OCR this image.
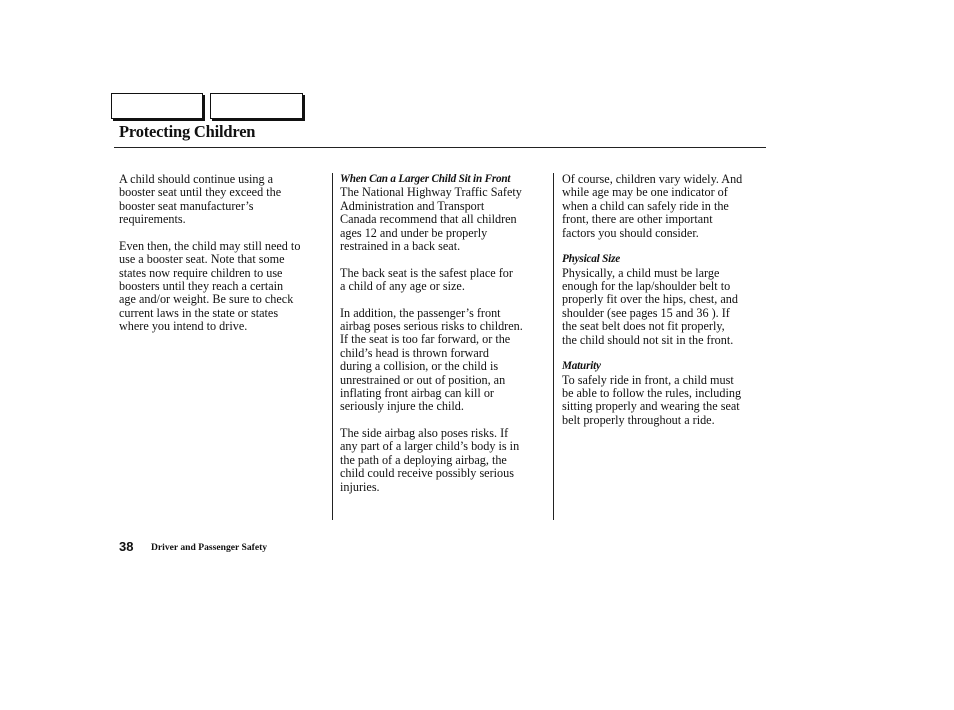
Protecting Children

A child should continue using a
booster seat until they exceed the
booster seat manufacturer’s
requirements.

Even then, the child may still need to
use a booster seat. Note that some
states now require children to use
boosters until they reach a certain
age and/or weight. Be sure to check
current laws in the state or states
where you intend to drive.

When Can a Larger Child Sit in Front

The National Highway Traffic Safety
Administration and Transport
Canada recommend that all children
ages 12 and under be properly
restrained in a back seat.

The back seat is the safest place for
a child of any age or size.

In addition, the passenger’s front
airbag poses serious risks to children.
If the seat is too far forward, or the
child’s head is thrown forward
during a collision, or the child is
unrestrained or out of position, an
inflating front airbag can kill or
seriously injure the child.

The side airbag also poses risks. If
any part of a larger child’s body is in
the path of a deploying airbag, the
child could receive possibly serious
injuries.

Of course, children vary widely. And
while age may be one indicator of
when a child can safely ride in the
front, there are other important
factors you should consider.

Physical Size

Physically, a child must be large
enough for the lap/shoulder belt to
properly fit over the hips, chest, and
shoulder (see pages 15 and 36 ). If
the seat belt does not fit properly,
the child should not sit in the front.

Maturity

To safely ride in front, a child must
be able to follow the rules, including
sitting properly and wearing the seat
belt properly throughout a ride.

38 Driver and Passenger Safety
